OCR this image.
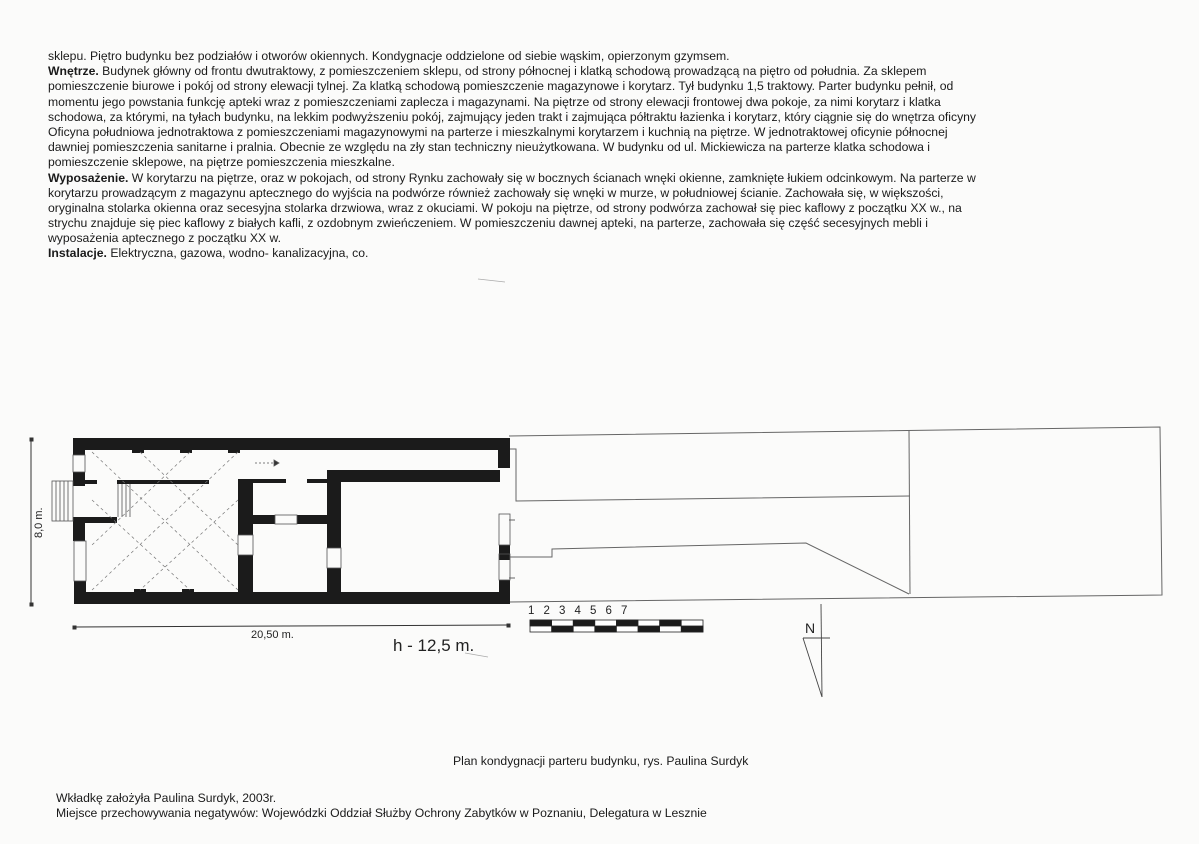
sklepu. Piętro budynku bez podziałów i otworów okiennych. Kondygnacje oddzielone od siebie wąskim, opierzonym gzymsem.
Wnętrze. Budynek główny od frontu dwutraktowy, z pomieszczeniem sklepu, od strony północnej i klatką schodową prowadzącą na piętro od południa. Za sklepem
pomieszczenie biurowe i pokój od strony elewacji tylnej. Za klatką schodową pomieszczenie magazynowe i korytarz. Tył budynku 1,5 traktowy. Parter budynku pełnił, od
momentu jego powstania funkcję apteki wraz z pomieszczeniami zaplecza i magazynami. Na piętrze od strony elewacji frontowej dwa pokoje, za nimi korytarz i klatka
schodowa, za którymi, na tyłach budynku, na lekkim podwyższeniu pokój, zajmujący jeden trakt i zajmująca półtraktu łazienka i korytarz, który ciągnie się do wnętrza oficyny
Oficyna południowa jednotraktowa z pomieszczeniami magazynowymi na parterze i mieszkalnymi korytarzem i kuchnią na piętrze. W jednotraktowej oficynie północnej
dawniej pomieszczenia sanitarne i pralnia. Obecnie ze względu na zły stan techniczny nieużytkowana. W budynku od ul. Mickiewicza na parterze klatka schodowa i
pomieszczenie sklepowe, na piętrze pomieszczenia mieszkalne.
Wyposażenie. W korytarzu na piętrze, oraz w pokojach, od strony Rynku zachowały się w bocznych ścianach wnęki okienne, zamknięte łukiem odcinkowym. Na parterze w
korytarzu prowadzącym z magazynu aptecznego do wyjścia na podwórze również zachowały się wnęki w murze, w południowej ścianie. Zachowała się, w większości,
oryginalna stolarka okienna oraz secesyjna stolarka drzwiowa, wraz z okuciami. W pokoju na piętrze, od strony podwórza zachował się piec kaflowy z początku XX w., na
strychu znajduje się piec kaflowy z białych kafli, z ozdobnym zwieńczeniem. W pomieszczeniu dawnej apteki, na parterze, zachowała się część secesyjnych mebli i
wyposażenia aptecznego z początku XX w.
Instalacje. Elektryczna, gazowa, wodno- kanalizacyjna, co.
8,0 m.
20,50 m.
h - 12,5 m.
1 2 3 4 5 6 7
N
Plan kondygnacji parteru budynku, rys. Paulina Surdyk
Wkładkę założyła Paulina Surdyk, 2003r.
Miejsce przechowywania negatywów: Wojewódzki Oddział Służby Ochrony Zabytków w Poznaniu, Delegatura w Lesznie
